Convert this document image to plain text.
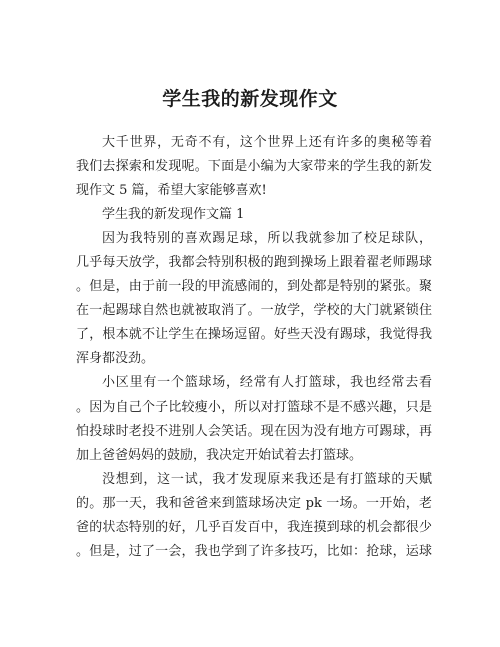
学生我的新发现作文
大千世界，无奇不有，这个世界上还有许多的奥秘等着
我们去探索和发现呢。下面是小编为大家带来的学生我的新发
现作文 5 篇，希望大家能够喜欢!
学生我的新发现作文篇 1
因为我特别的喜欢踢足球，所以我就参加了校足球队，
几乎每天放学，我都会特别积极的跑到操场上跟着翟老师踢球
。但是，由于前一段的甲流感闹的，到处都是特别的紧张。聚
在一起踢球自然也就被取消了。一放学，学校的大门就紧锁住
了，根本就不让学生在操场逗留。好些天没有踢球，我觉得我
浑身都没劲。
小区里有一个篮球场，经常有人打篮球，我也经常去看
。因为自己个子比较瘦小，所以对打篮球不是不感兴趣，只是
怕投球时老投不进别人会笑话。现在因为没有地方可踢球，再
加上爸爸妈妈的鼓励，我决定开始试着去打篮球。
没想到，这一试，我才发现原来我还是有打篮球的天赋
的。那一天，我和爸爸来到篮球场决定 pk 一场。一开始，老
爸的状态特别的好，几乎百发百中，我连摸到球的机会都很少
。但是，过了一会，我也学到了许多技巧，比如：抢球，运球
